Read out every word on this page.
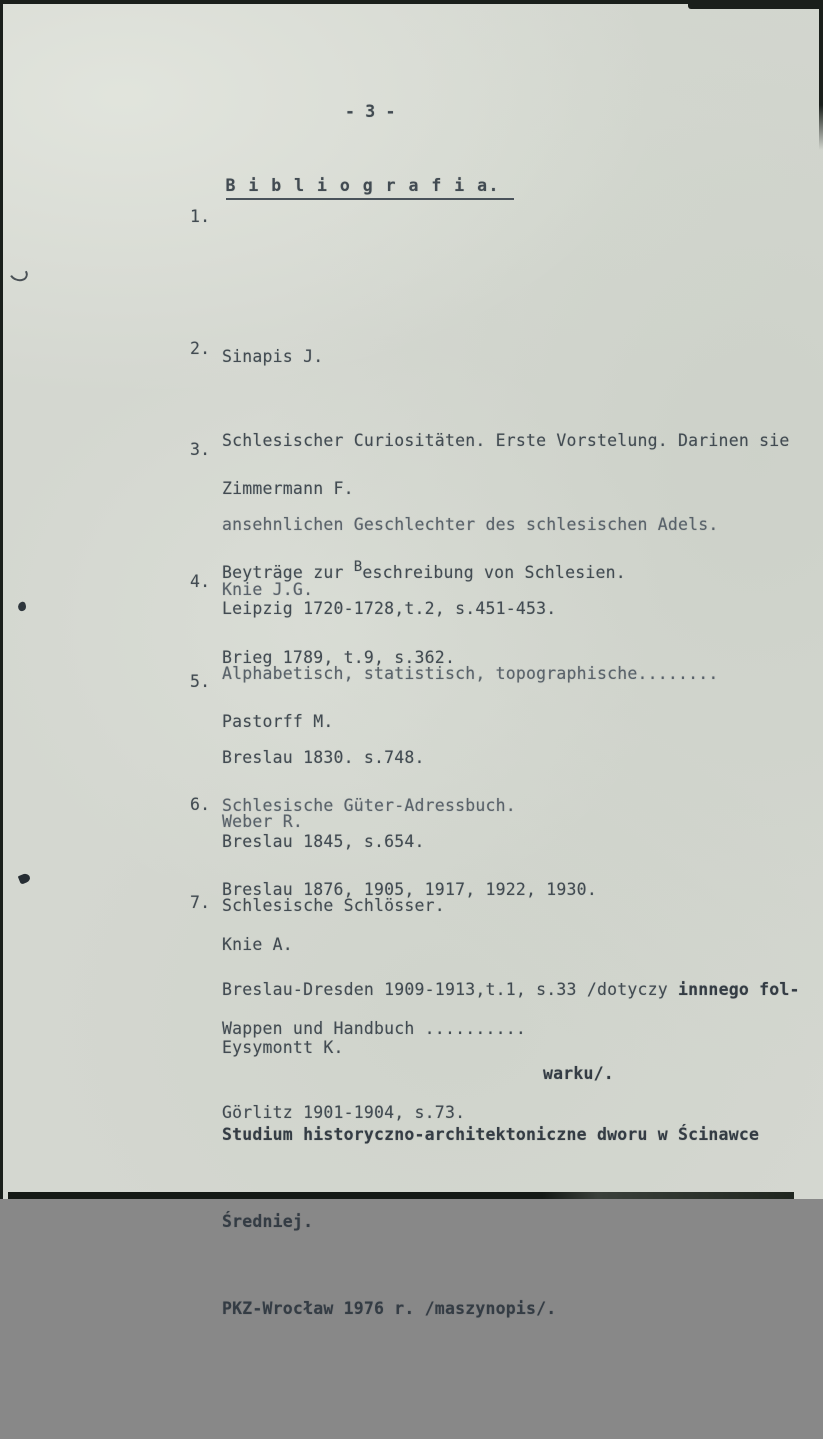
- 3 -

B i b l i o g r a f i a.

1.

Sinapis J.

Schlesischer Curiositäten. Erste Vorstelung. Darinen sie

ansehnlichen Geschlechter des schlesischen Adels.

Leipzig 1720-1728,t.2, s.451-453.

2.

Zimmermann F.

Beyträge zur Beschreibung von Schlesien.

Brieg 1789, t.9, s.362.

3.

Knie J.G.

Alphabetisch, statistisch, topographische........

Breslau 1830. s.748.

Breslau 1845, s.654.

4.

Pastorff M.

Schlesische Güter-Adressbuch.

Breslau 1876, 1905, 1917, 1922, 1930.

5.

Weber R.

Schlesische Schlösser.

Breslau-Dresden 1909-1913,t.1, s.33 /dotyczy innnego fol-

warku/.

6.

Knie A.

Wappen und Handbuch ..........

Görlitz 1901-1904, s.73.

7.

Eysymontt K.

Studium historyczno-architektoniczne dworu w Ścinawce

Średniej.

PKZ-Wrocław 1976 r. /maszynopis/.
